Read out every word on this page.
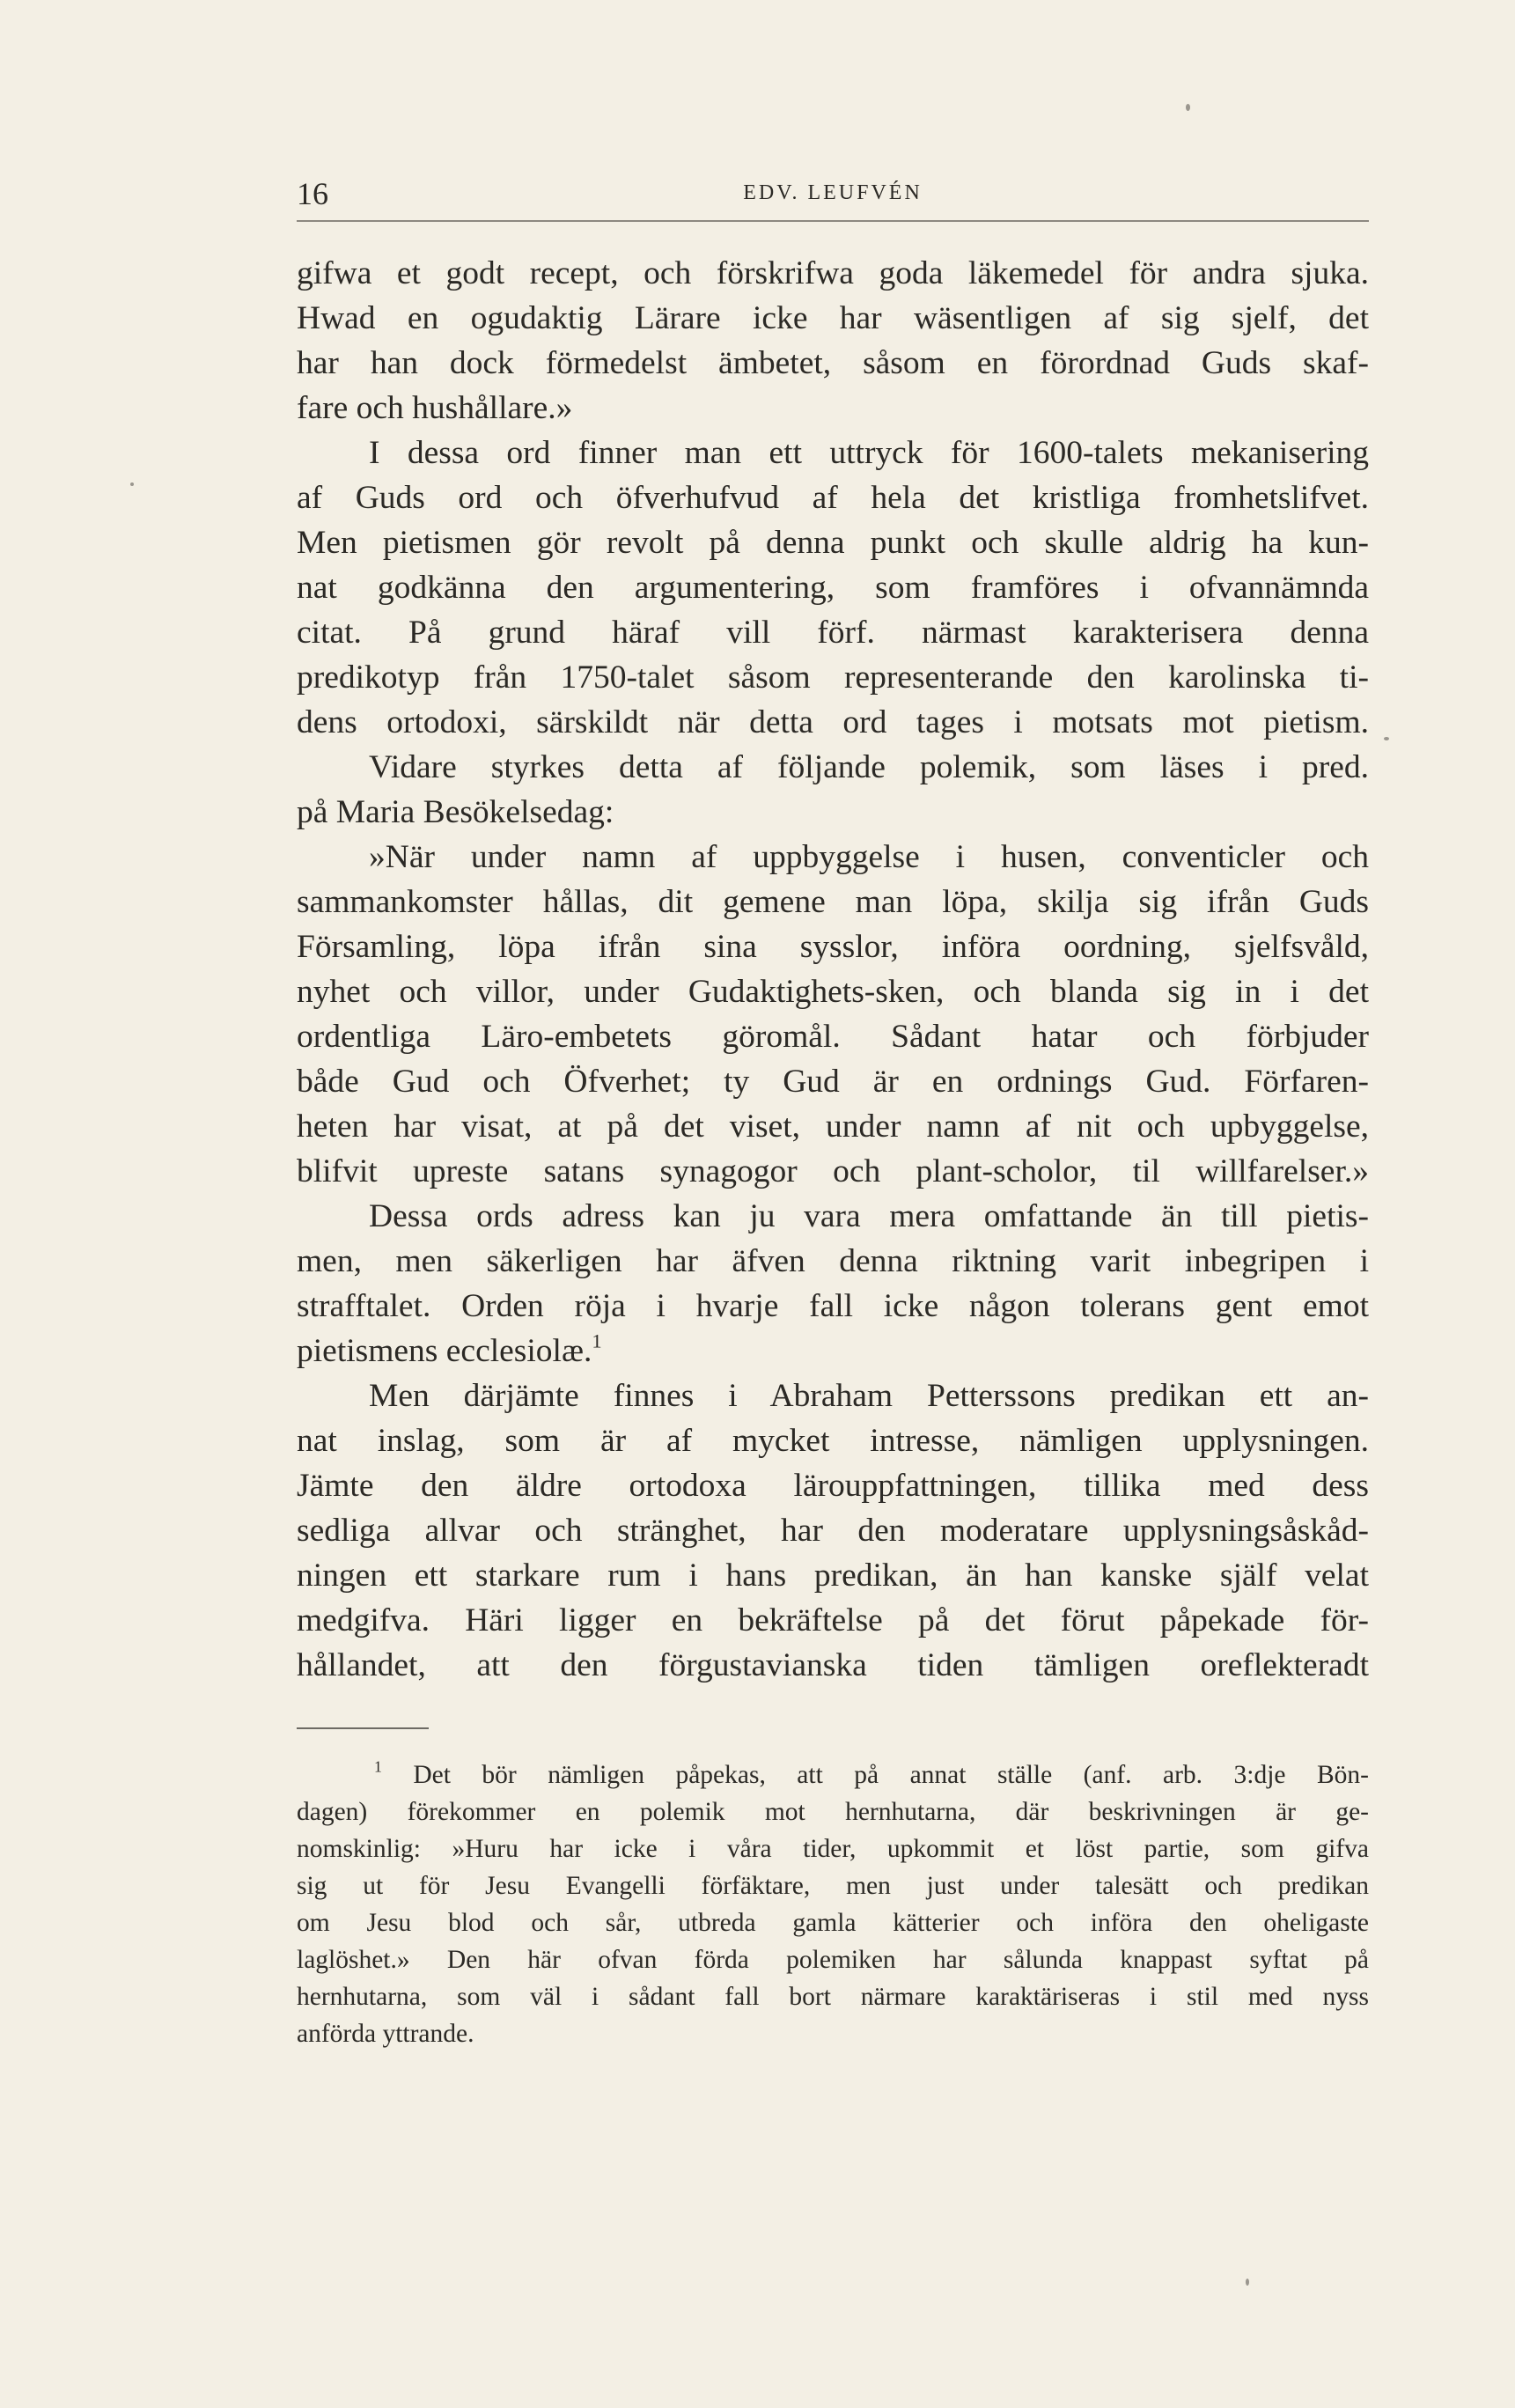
16	EDV. LEUFVÉN
gifwa et godt recept, och förskrifwa goda läkemedel för andra sjuka.
Hwad en ogudaktig Lärare icke har wäsentligen af sig sjelf, det
har han dock förmedelst ämbetet, såsom en förordnad Guds skaf-
fare och hushållare.»
I dessa ord finner man ett uttryck för 1600-talets mekanisering
af Guds ord och öfverhufvud af hela det kristliga fromhetslifvet.
Men pietismen gör revolt på denna punkt och skulle aldrig ha kun-
nat godkänna den argumentering, som framföres i ofvannämnda
citat. På grund häraf vill förf. närmast karakterisera denna
predikotyp från 1750-talet såsom representerande den karolinska ti-
dens ortodoxi, särskildt när detta ord tages i motsats mot pietism.
Vidare styrkes detta af följande polemik, som läses i pred.
på Maria Besökelsedag:
»När under namn af uppbyggelse i husen, conventicler och
sammankomster hållas, dit gemene man löpa, skilja sig ifrån Guds
Församling, löpa ifrån sina sysslor, införa oordning, sjelfsvåld,
nyhet och villor, under Gudaktighets-sken, och blanda sig in i det
ordentliga Läro-embetets göromål. Sådant hatar och förbjuder
både Gud och Öfverhet; ty Gud är en ordnings Gud. Förfaren-
heten har visat, at på det viset, under namn af nit och upbyggelse,
blifvit upreste satans synagogor och plant-scholor, til willfarelser.»
Dessa ords adress kan ju vara mera omfattande än till pietis-
men, men säkerligen har äfven denna riktning varit inbegripen i
strafftalet. Orden röja i hvarje fall icke någon tolerans gent emot
pietismens ecclesiolæ.$^1$
Men därjämte finnes i Abraham Petterssons predikan ett an-
nat inslag, som är af mycket intresse, nämligen upplysningen.
Jämte den äldre ortodoxa lärouppfattningen, tillika med dess
sedliga allvar och stränghet, har den moderatare upplysningsåskåd-
ningen ett starkare rum i hans predikan, än han kanske själf velat
medgifva. Häri ligger en bekräftelse på det förut påpekade för-
hållandet, att den förgustavianska tiden tämligen oreflekteradt
$^1$ Det bör nämligen påpekas, att på annat ställe (anf. arb. 3:dje Bön-
dagen) förekommer en polemik mot hernhutarna, där beskrivningen är ge-
nomskinlig: »Huru har icke i våra tider, upkommit et löst partie, som gifva
sig ut för Jesu Evangelli förfäktare, men just under talesätt och predikan
om Jesu blod och sår, utbreda gamla kätterier och införa den oheligaste
laglöshet.» Den här ofvan förda polemiken har sålunda knappast syftat på
hernhutarna, som väl i sådant fall bort närmare karaktäriseras i stil med nyss
anförda yttrande.
